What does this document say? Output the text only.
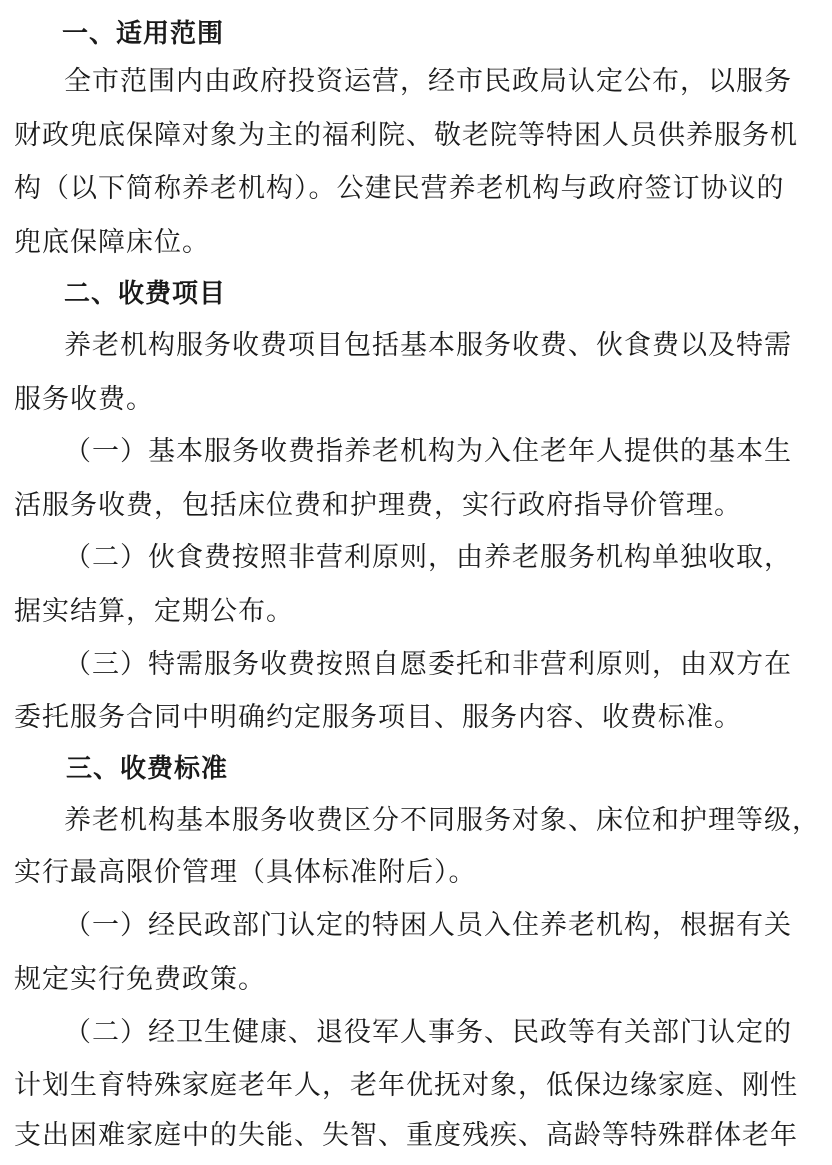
一、适用范围
全市范围内由政府投资运营，经市民政局认定公布，以服务
财政兜底保障对象为主的福利院、敬老院等特困人员供养服务机
构（以下简称养老机构）。公建民营养老机构与政府签订协议的
兜底保障床位。
二、收费项目
养老机构服务收费项目包括基本服务收费、伙食费以及特需
服务收费。
（一）基本服务收费指养老机构为入住老年人提供的基本生
活服务收费，包括床位费和护理费，实行政府指导价管理。
（二）伙食费按照非营利原则，由养老服务机构单独收取，
据实结算，定期公布。
（三）特需服务收费按照自愿委托和非营利原则，由双方在
委托服务合同中明确约定服务项目、服务内容、收费标准。
三、收费标准
养老机构基本服务收费区分不同服务对象、床位和护理等级，
实行最高限价管理（具体标准附后）。
（一）经民政部门认定的特困人员入住养老机构，根据有关
规定实行免费政策。
（二）经卫生健康、退役军人事务、民政等有关部门认定的
计划生育特殊家庭老年人，老年优抚对象，低保边缘家庭、刚性
支出困难家庭中的失能、失智、重度残疾、高龄等特殊群体老年
